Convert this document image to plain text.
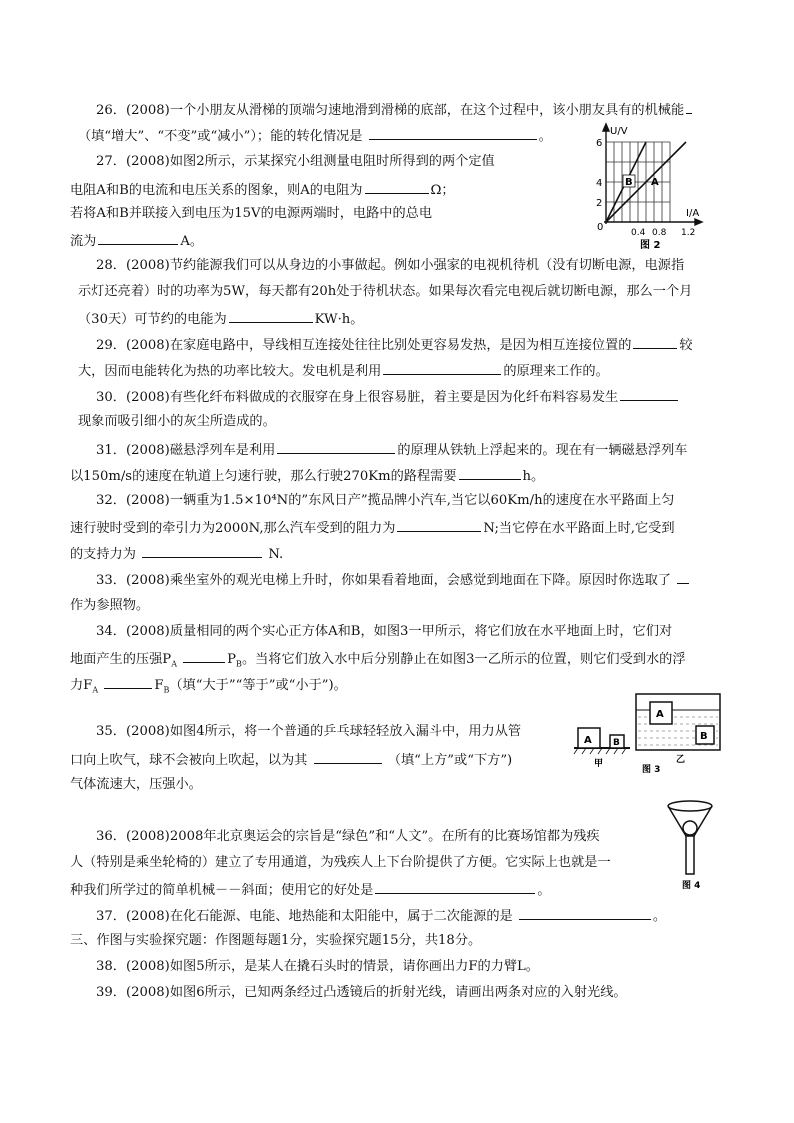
26．(2008)一个小朋友从滑梯的顶端匀速地滑到滑梯的底部，在这个过程中，该小朋友具有的机械能
（填“增大”、“不变”或“减小”）；能的转化情况是	。
27．(2008)如图2所示，示某探究小组测量电阻时所得到的两个定值
电阻A和B的电流和电压关系的图象，则A的电阻为	Ω；
若将A和B并联接入到电压为15V的电源两端时，电路中的总电
流为	A。
U/V
I/A
6
4
2
0	0.4 0.8 1.2
B A
图 2
28．(2008)节约能源我们可以从身边的小事做起。例如小强家的电视机待机（没有切断电源，电源指
示灯还亮着）时的功率为5W，每天都有20h处于待机状态。如果每次看完电视后就切断电源，那么一个月
（30天）可节约的电能为	KW·h。
29．(2008)在家庭电路中，导线相互连接处往往比别处更容易发热，是因为相互连接位置的	较
大，因而电能转化为热的功率比较大。发电机是利用	的原理来工作的。
30．(2008)有些化纤布料做成的衣服穿在身上很容易脏，着主要是因为化纤布料容易发生
现象而吸引细小的灰尘所造成的。
31．(2008)磁悬浮列车是利用	的原理从铁轨上浮起来的。现在有一辆磁悬浮列车
以150m/s的速度在轨道上匀速行驶，那么行驶270Km的路程需要	h。
32．(2008)一辆重为1.5×10⁴N的”东风日产”揽品牌小汽车,当它以60Km/h的速度在水平路面上匀
速行驶时受到的牵引力为2000N,那么汽车受到的阻力为	N;当它停在水平路面上时,它受到
的支持力为	N.
33．(2008)乘坐室外的观光电梯上升时，你如果看着地面，会感觉到地面在下降。原因时你选取了
作为参照物。
34．(2008)质量相同的两个实心正方体A和B，如图3一甲所示，将它们放在水平地面上时，它们对
地面产生的压强$P_A$	$P_B$。当将它们放入水中后分别静止在如图3一乙所示的位置，则它们受到水的浮
力$F_A$	$F_B$（填“大于”“等于”或“小于”)。
A B
甲
A
B
乙
图 3
35．(2008)如图4所示，将一个普通的乒乓球轻轻放入漏斗中，用力从管
口向上吹气，球不会被向上吹起，以为其	（填“上方”或“下方”)
气体流速大，压强小。
图 4
36．(2008)2008年北京奥运会的宗旨是“绿色”和“人文”。在所有的比赛场馆都为残疾
人（特别是乘坐轮椅的）建立了专用通道，为残疾人上下台阶提供了方便。它实际上也就是一
种我们所学过的简单机械－－斜面；使用它的好处是	。
37．(2008)在化石能源、电能、地热能和太阳能中，属于二次能源的是	。
三、作图与实验探究题：作图题每题1分，实验探究题15分，共18分。
38．(2008)如图5所示，是某人在撬石头时的情景，请你画出力F的力臂L。
39．(2008)如图6所示，已知两条经过凸透镜后的折射光线，请画出两条对应的入射光线。
